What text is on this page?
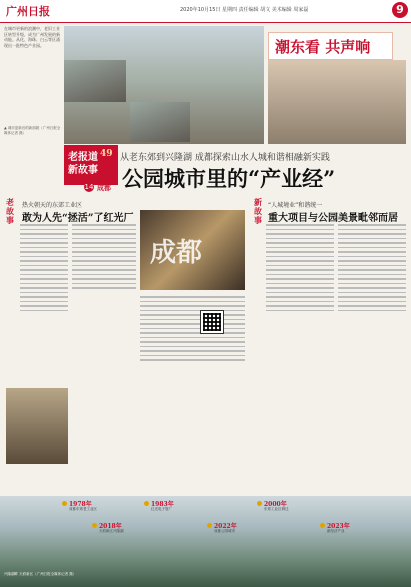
广州日报	2020年10月15日 星期四 责任编辑 胡文 美术编辑 周家磊	9
在城市更新的浪潮中，老旧工业区转型升级，成为广州发展的新动能。从化、海珠、白云等区涌现出一批特色产业园。
▲ 城市更新后的新面貌（广州日报全媒体记者 摄）
潮东看 共声响
老报道
新故事
49
14 成都
从老东郊到兴隆湖 成都探索山水人城和谐相融新实践
公园城市里的“产业经”
老故事
热火朝天的东郊工业区
敢为人先“拯活”了红光厂
成都
新故事
“人城境业”和谐统一
重大项目与公园美景毗邻而居
1978年
成都东郊老工业区
1983年
红光电子管厂
2000年
东郊工业区调迁
2018年
天府新区兴隆湖
2022年
成都公园城市
2023年
新经济产业
兴隆湖畔 天府新区（广州日报全媒体记者 摄）
